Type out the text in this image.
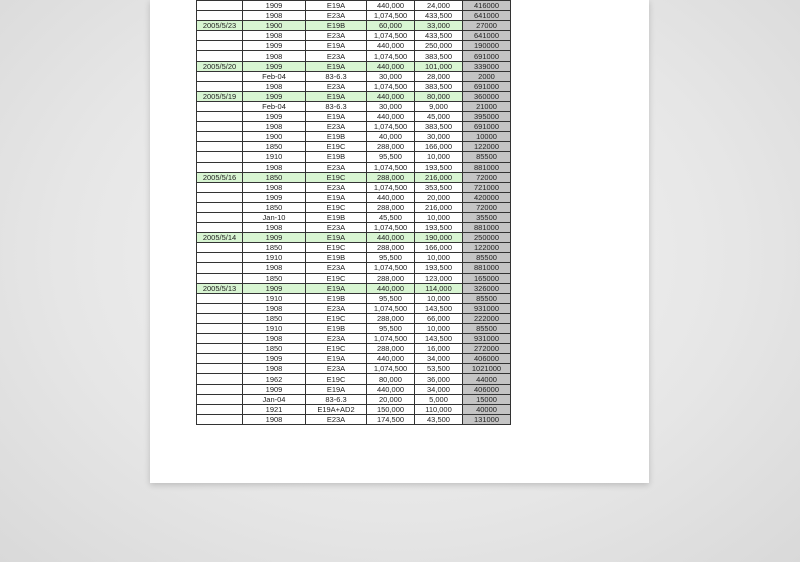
	1909	E19A	440,000	24,000	416000
	1908	E23A	1,074,500	433,500	641000
2005/5/23	1900	E19B	60,000	33,000	27000
	1908	E23A	1,074,500	433,500	641000
	1909	E19A	440,000	250,000	190000
	1908	E23A	1,074,500	383,500	691000
2005/5/20	1909	E19A	440,000	101,000	339000
	Feb-04	83-6.3	30,000	28,000	2000
	1908	E23A	1,074,500	383,500	691000
2005/5/19	1909	E19A	440,000	80,000	360000
	Feb-04	83-6.3	30,000	9,000	21000
	1909	E19A	440,000	45,000	395000
	1908	E23A	1,074,500	383,500	691000
	1900	E19B	40,000	30,000	10000
	1850	E19C	288,000	166,000	122000
	1910	E19B	95,500	10,000	85500
	1908	E23A	1,074,500	193,500	881000
2005/5/16	1850	E19C	288,000	216,000	72000
	1908	E23A	1,074,500	353,500	721000
	1909	E19A	440,000	20,000	420000
	1850	E19C	288,000	216,000	72000
	Jan-10	E19B	45,500	10,000	35500
	1908	E23A	1,074,500	193,500	881000
2005/5/14	1909	E19A	440,000	190,000	250000
	1850	E19C	288,000	166,000	122000
	1910	E19B	95,500	10,000	85500
	1908	E23A	1,074,500	193,500	881000
	1850	E19C	288,000	123,000	165000
2005/5/13	1909	E19A	440,000	114,000	326000
	1910	E19B	95,500	10,000	85500
	1908	E23A	1,074,500	143,500	931000
	1850	E19C	288,000	66,000	222000
	1910	E19B	95,500	10,000	85500
	1908	E23A	1,074,500	143,500	931000
	1850	E19C	288,000	16,000	272000
	1909	E19A	440,000	34,000	406000
	1908	E23A	1,074,500	53,500	1021000
	1962	E19C	80,000	36,000	44000
	1909	E19A	440,000	34,000	406000
	Jan-04	83-6.3	20,000	5,000	15000
	1921	E19A+AD2	150,000	110,000	40000
	1908	E23A	174,500	43,500	131000
